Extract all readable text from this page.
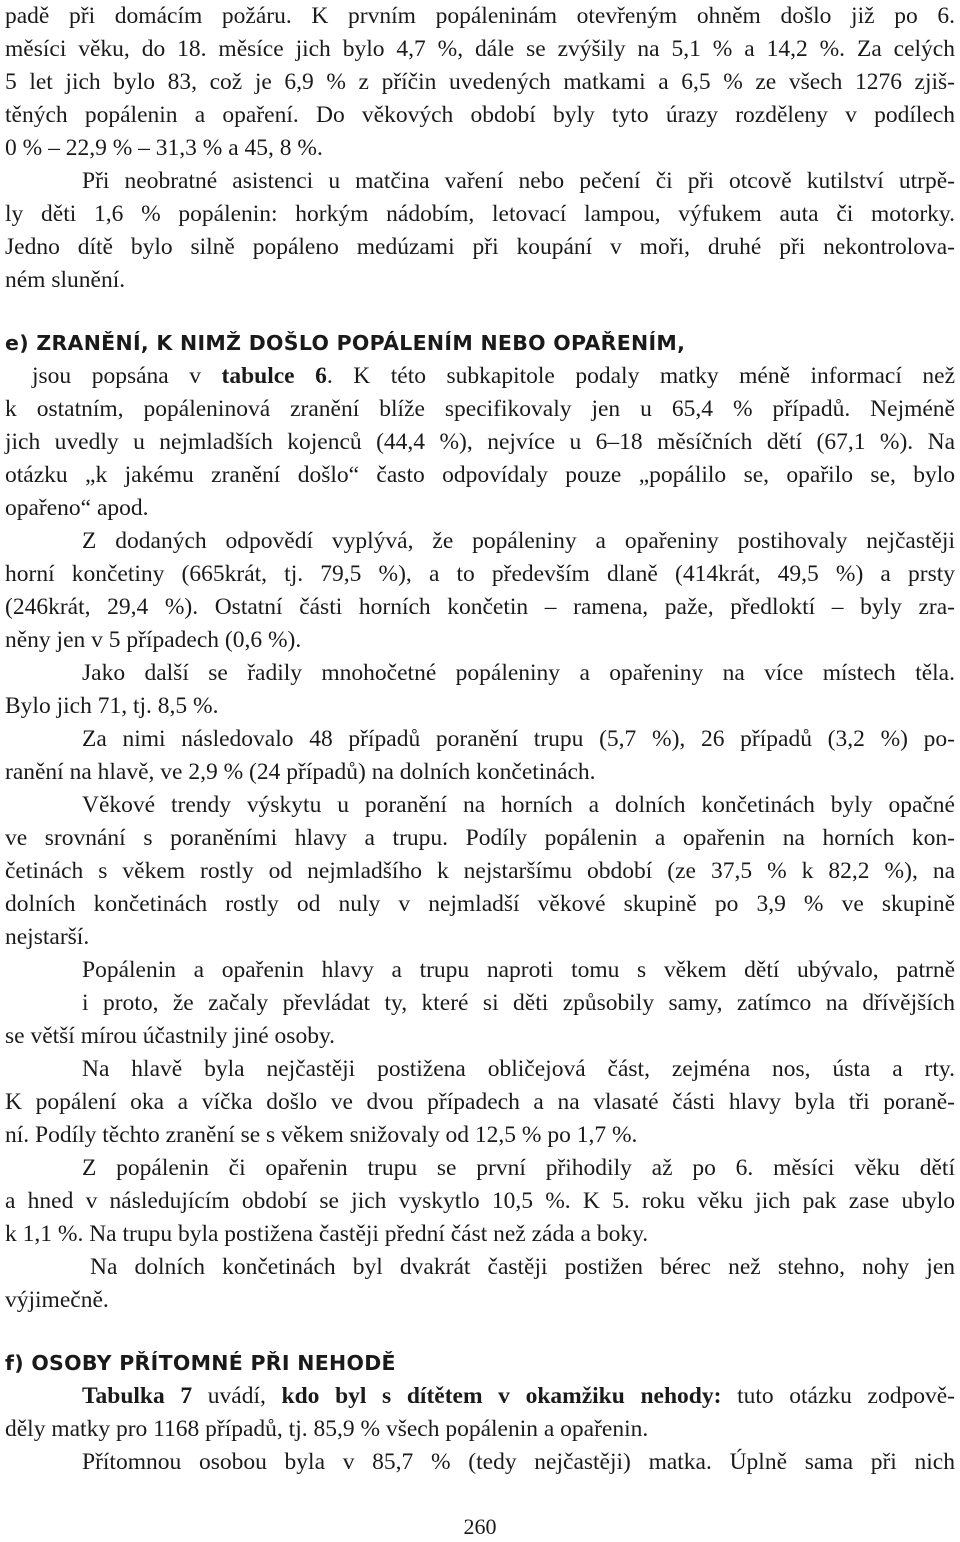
padě při domácím požáru. K prvním popáleninám otevřeným ohněm došlo již po 6.
měsíci věku, do 18. měsíce jich bylo 4,7 %, dále se zvýšily na 5,1 % a 14,2 %. Za celých
5 let jich bylo 83, což je 6,9 % z příčin uvedených matkami a 6,5 % ze všech 1276 zjiš-
těných popálenin a opaření. Do věkových období byly tyto úrazy rozděleny v podílech
0 % – 22,9 % – 31,3 % a 45, 8 %.
Při neobratné asistenci u matčina vaření nebo pečení či při otcově kutilství utrpě-
ly děti 1,6 % popálenin: horkým nádobím, letovací lampou, výfukem auta či motorky.
Jedno dítě bylo silně popáleno medúzami při koupání v moři, druhé při nekontrolova-
ném slunění.
e) ZRANĚNÍ, K NIMŽ DOŠLO POPÁLENÍM NEBO OPAŘENÍM,
jsou popsána v tabulce 6. K této subkapitole podaly matky méně informací než
k ostatním, popáleninová zranění blíže specifikovaly jen u 65,4 % případů. Nejméně
jich uvedly u nejmladších kojenců (44,4 %), nejvíce u 6–18 měsíčních dětí (67,1 %). Na
otázku „k jakému zranění došlo“ často odpovídaly pouze „popálilo se, opařilo se, bylo
opařeno“ apod.
Z dodaných odpovědí vyplývá, že popáleniny a opařeniny postihovaly nejčastěji
horní končetiny (665krát, tj. 79,5 %), a to především dlaně (414krát, 49,5 %) a prsty
(246krát, 29,4 %). Ostatní části horních končetin – ramena, paže, předloktí – byly zra-
něny jen v 5 případech (0,6 %).
Jako další se řadily mnohočetné popáleniny a opařeniny na více místech těla.
Bylo jich 71, tj. 8,5 %.
Za nimi následovalo 48 případů poranění trupu (5,7 %), 26 případů (3,2 %) po-
ranění na hlavě, ve 2,9 % (24 případů) na dolních končetinách.
Věkové trendy výskytu u poranění na horních a dolních končetinách byly opačné
ve srovnání s poraněními hlavy a trupu. Podíly popálenin a opařenin na horních kon-
četinách s věkem rostly od nejmladšího k nejstaršímu období (ze 37,5 % k 82,2 %), na
dolních končetinách rostly od nuly v nejmladší věkové skupině po 3,9 % ve skupině
nejstarší.
Popálenin a opařenin hlavy a trupu naproti tomu s věkem dětí ubývalo, patrně
i proto, že začaly převládat ty, které si děti způsobily samy, zatímco na dřívějších
se větší mírou účastnily jiné osoby.
Na hlavě byla nejčastěji postižena obličejová část, zejména nos, ústa a rty.
K popálení oka a víčka došlo ve dvou případech a na vlasaté části hlavy byla tři poraně-
ní. Podíly těchto zranění se s věkem snižovaly od 12,5 % po 1,7 %.
Z popálenin či opařenin trupu se první přihodily až po 6. měsíci věku dětí
a hned v následujícím období se jich vyskytlo 10,5 %. K 5. roku věku jich pak zase ubylo
k 1,1 %. Na trupu byla postižena častěji přední část než záda a boky.
Na dolních končetinách byl dvakrát častěji postižen bérec než stehno, nohy jen
výjimečně.
f) OSOBY PŘÍTOMNÉ PŘI NEHODĚ
Tabulka 7 uvádí, kdo byl s dítětem v okamžiku nehody: tuto otázku zodpově-
děly matky pro 1168 případů, tj. 85,9 % všech popálenin a opařenin.
Přítomnou osobou byla v 85,7 % (tedy nejčastěji) matka. Úplně sama při nich
260
